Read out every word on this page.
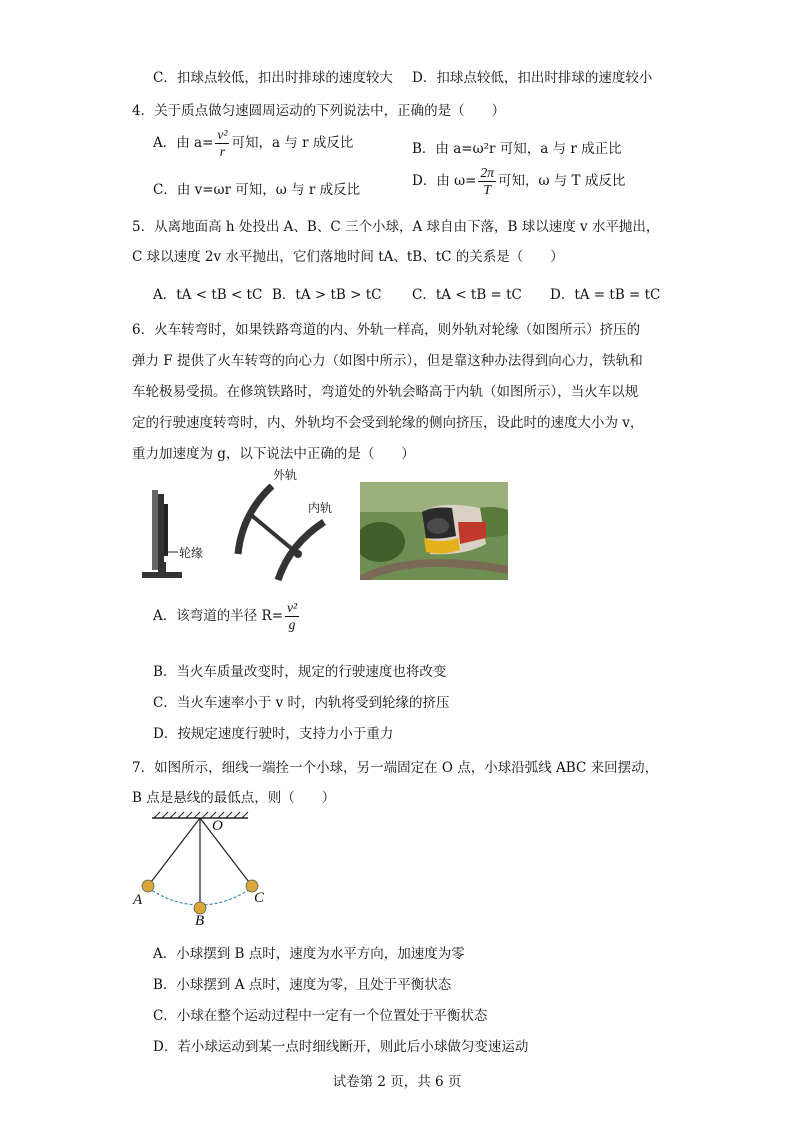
C．扣球点较低，扣出时排球的速度较大 D．扣球点较低，扣出时排球的速度较小
4．关于质点做匀速圆周运动的下列说法中，正确的是（　　）
A．由 $a= \frac{\text{v²}}{r}$ 可知，a 与 r 成反比	B．由 a=ω²r 可知，a 与 r 成正比
C．由 v=ωr 可知，ω 与 r 成反比
D．由 $\omega= \frac{2\pi}{T}$ 可知，ω 与 T 成反比
5．从离地面高 h 处投出 A、B、C 三个小球，A 球自由下落，B 球以速度 v 水平抛出，
C 球以速度 2v 水平抛出，它们落地时间 tA、tB、tC 的关系是（　　）
A．tA < tB < tC B．tA > tB > tC C．tA < tB = tC D．tA = tB = tC
6．火车转弯时，如果铁路弯道的内、外轨一样高，则外轨对轮缘（如图所示）挤压的
弹力 F 提供了火车转弯的向心力（如图中所示），但是靠这种办法得到向心力，铁轨和
车轮极易受损。在修筑铁路时，弯道处的外轨会略高于内轨（如图所示），当火车以规
定的行驶速度转弯时，内、外轨均不会受到轮缘的侧向挤压，设此时的速度大小为 v，
重力加速度为 g，以下说法中正确的是（　　）
轮缘
外轨
内轨
A．该弯道的半径 $R= \frac{\text{v²}}{g}$
B．当火车质量改变时，规定的行驶速度也将改变
C．当火车速率小于 v 时，内轨将受到轮缘的挤压
D．按规定速度行驶时，支持力小于重力
7．如图所示，细线一端拴一个小球，另一端固定在 O 点，小球沿弧线 ABC 来回摆动，
B 点是悬线的最低点，则（　　）
O
A
B
C
A．小球摆到 B 点时，速度为水平方向，加速度为零
B．小球摆到 A 点时，速度为零，且处于平衡状态
C．小球在整个运动过程中一定有一个位置处于平衡状态
D．若小球运动到某一点时细线断开，则此后小球做匀变速运动
试卷第 2 页，共 6 页
